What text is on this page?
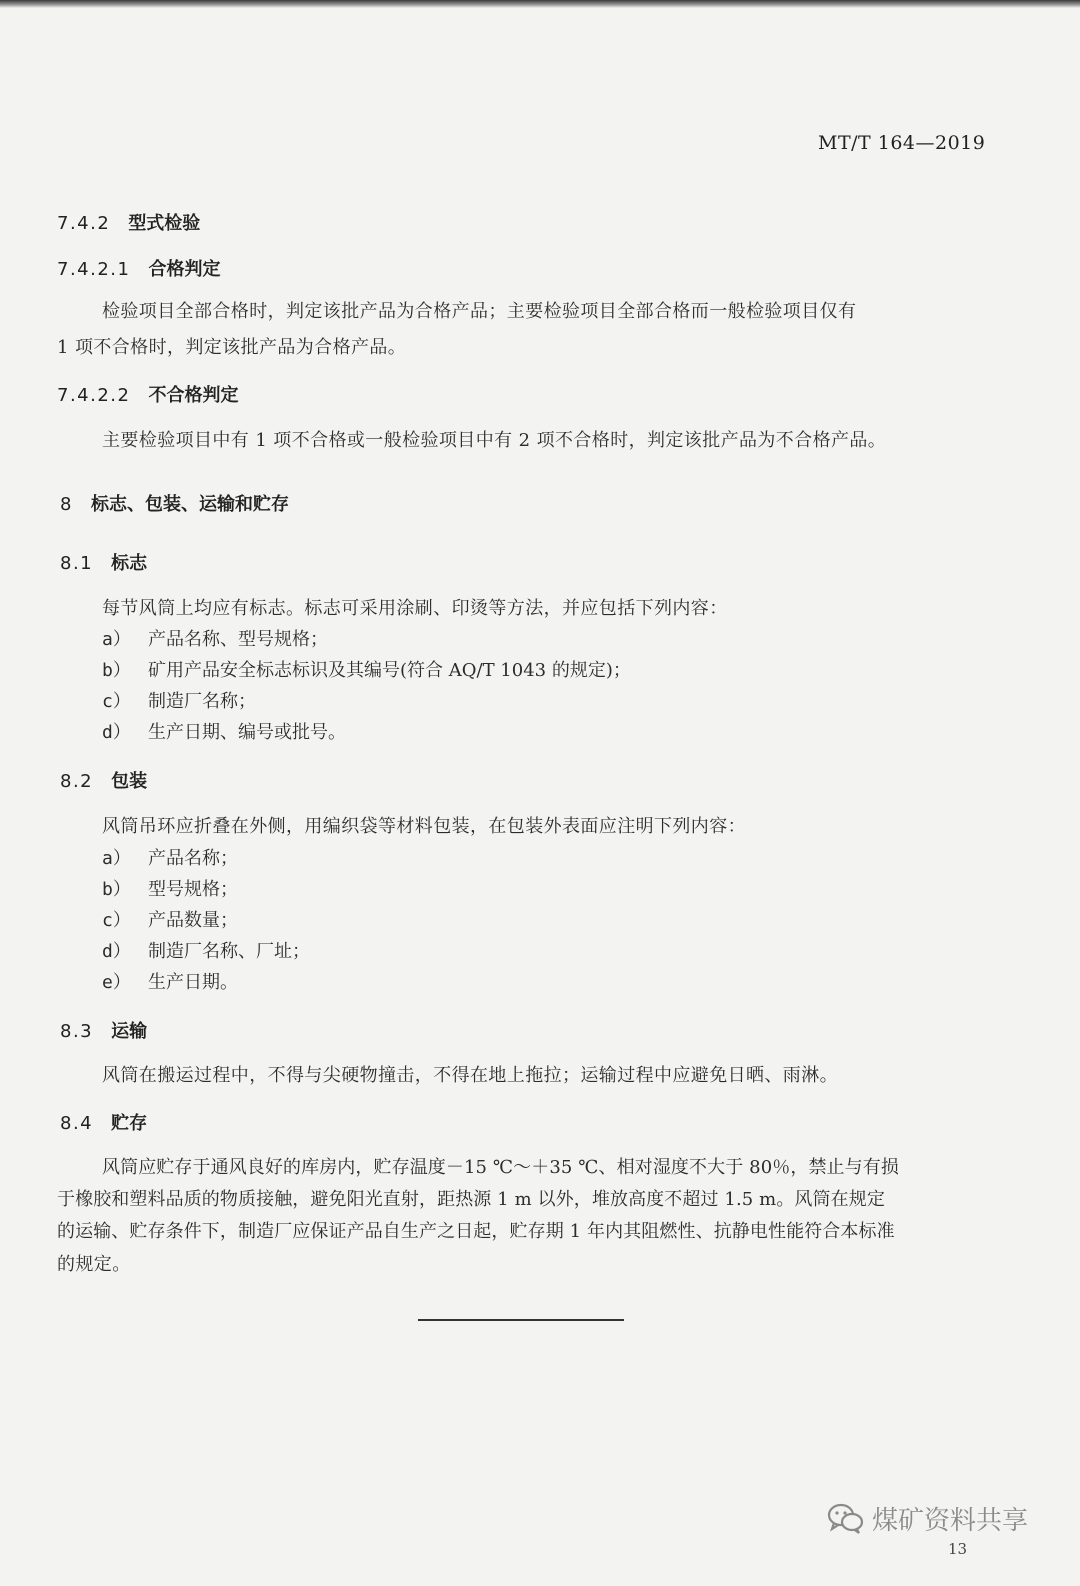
MT/T 164—2019
7.4.2 型式检验
7.4.2.1 合格判定
检验项目全部合格时，判定该批产品为合格产品；主要检验项目全部合格而一般检验项目仅有
1 项不合格时，判定该批产品为合格产品。
7.4.2.2 不合格判定
主要检验项目中有 1 项不合格或一般检验项目中有 2 项不合格时，判定该批产品为不合格产品。
8 标志、包装、运输和贮存
8.1 标志
每节风筒上均应有标志。标志可采用涂刷、印烫等方法，并应包括下列内容：
a） 产品名称、型号规格；
b） 矿用产品安全标志标识及其编号(符合 AQ/T 1043 的规定)；
c） 制造厂名称；
d） 生产日期、编号或批号。
8.2 包装
风筒吊环应折叠在外侧，用编织袋等材料包装，在包装外表面应注明下列内容：
a） 产品名称；
b） 型号规格；
c） 产品数量；
d） 制造厂名称、厂址；
e） 生产日期。
8.3 运输
风筒在搬运过程中，不得与尖硬物撞击，不得在地上拖拉；运输过程中应避免日晒、雨淋。
8.4 贮存
风筒应贮存于通风良好的库房内，贮存温度－15 ℃～＋35 ℃、相对湿度不大于 80％，禁止与有损
于橡胶和塑料品质的物质接触，避免阳光直射，距热源 1 m 以外，堆放高度不超过 1.5 m。风筒在规定
的运输、贮存条件下，制造厂应保证产品自生产之日起，贮存期 1 年内其阻燃性、抗静电性能符合本标准
的规定。
煤矿资料共享
13
